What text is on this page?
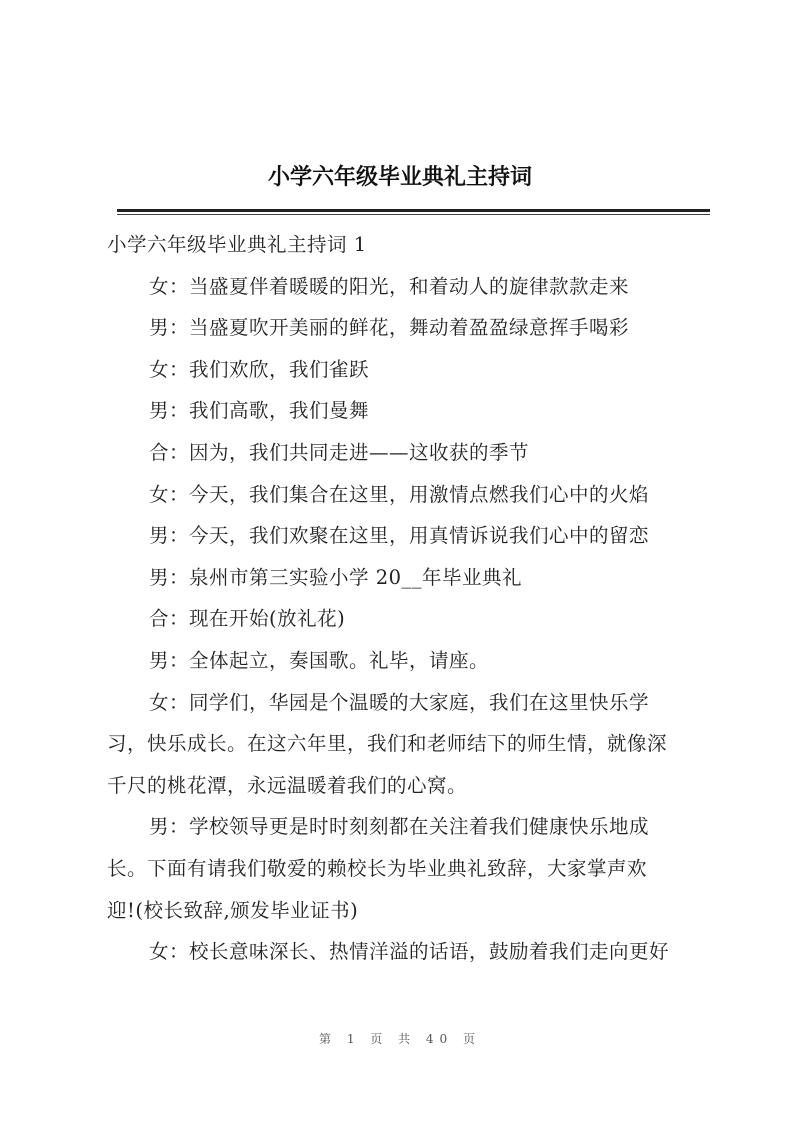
小学六年级毕业典礼主持词

小学六年级毕业典礼主持词 1

女：当盛夏伴着暖暖的阳光，和着动人的旋律款款走来

男：当盛夏吹开美丽的鲜花，舞动着盈盈绿意挥手喝彩

女：我们欢欣，我们雀跃

男：我们高歌，我们曼舞

合：因为，我们共同走进——这收获的季节

女：今天，我们集合在这里，用激情点燃我们心中的火焰

男：今天，我们欢聚在这里，用真情诉说我们心中的留恋

男：泉州市第三实验小学 20__年毕业典礼

合：现在开始(放礼花)

男：全体起立，奏国歌。礼毕，请座。

女：同学们，华园是个温暖的大家庭，我们在这里快乐学

习，快乐成长。在这六年里，我们和老师结下的师生情，就像深

千尺的桃花潭，永远温暖着我们的心窝。

男：学校领导更是时时刻刻都在关注着我们健康快乐地成

长。下面有请我们敬爱的赖校长为毕业典礼致辞，大家掌声欢

迎!(校长致辞,颁发毕业证书)

女：校长意味深长、热情洋溢的话语，鼓励着我们走向更好

第 1 页 共 40 页
